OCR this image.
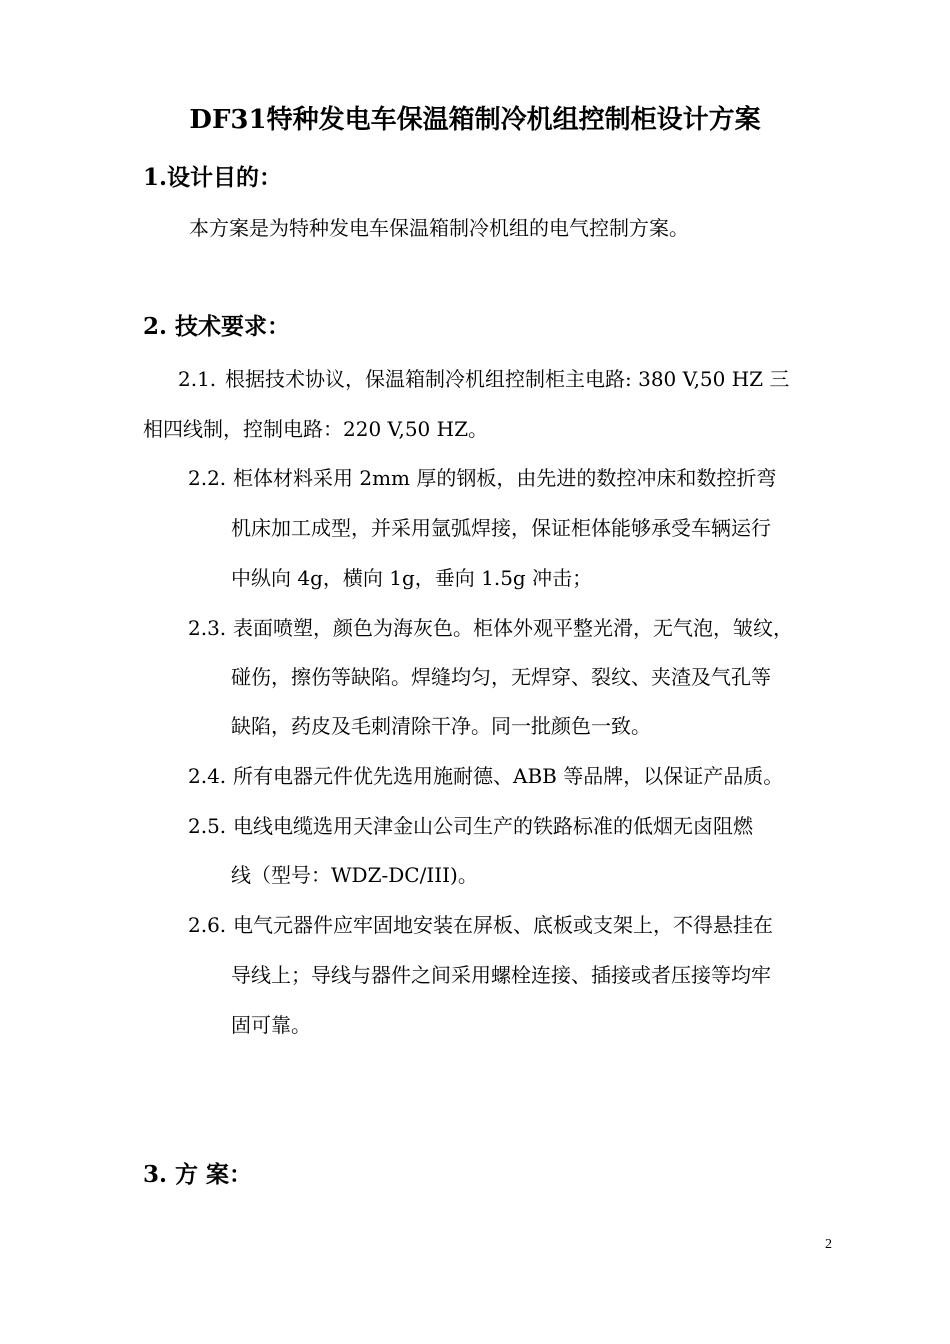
DF31特种发电车保温箱制冷机组控制柜设计方案
1.设计目的：
本方案是为特种发电车保温箱制冷机组的电气控制方案。
2. 技术要求：
2.1. 根据技术协议，保温箱制冷机组控制柜主电路: 380 V,50 HZ 三
相四线制，控制电路：220 V,50 HZ。
2.2. 柜体材料采用 2mm 厚的钢板，由先进的数控冲床和数控折弯
机床加工成型，并采用氩弧焊接，保证柜体能够承受车辆运行
中纵向 4g，横向 1g，垂向 1.5g 冲击；
2.3. 表面喷塑，颜色为海灰色。柜体外观平整光滑，无气泡，皱纹，
碰伤，擦伤等缺陷。焊缝均匀，无焊穿、裂纹、夹渣及气孔等
缺陷，药皮及毛刺清除干净。同一批颜色一致。
2.4. 所有电器元件优先选用施耐德、ABB 等品牌，以保证产品质。
2.5. 电线电缆选用天津金山公司生产的铁路标准的低烟无卤阻燃
线（型号：WDZ-DC/III)。
2.6. 电气元器件应牢固地安装在屏板、底板或支架上，不得悬挂在
导线上；导线与器件之间采用螺栓连接、插接或者压接等均牢
固可靠。
3. 方 案：
2
